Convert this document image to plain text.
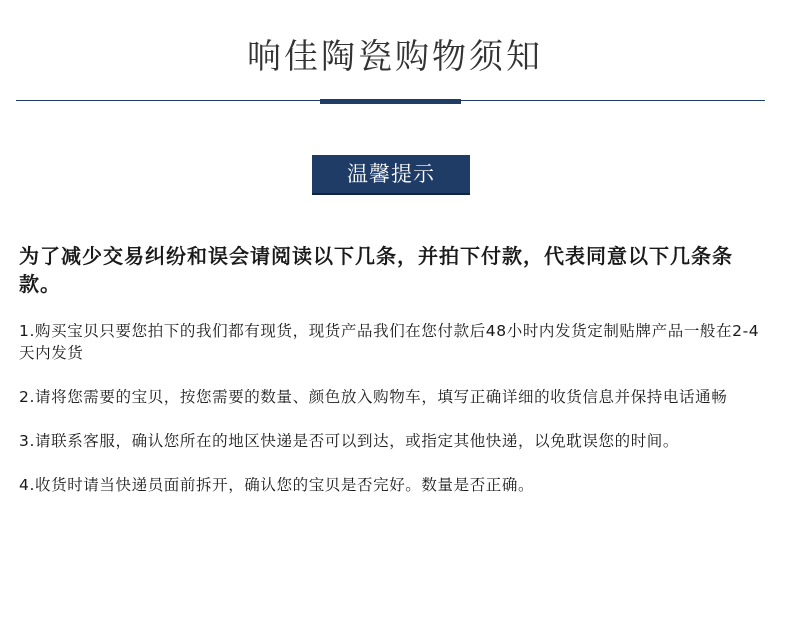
响佳陶瓷购物须知
温馨提示

为了减少交易纠纷和误会请阅读以下几条，并拍下付款，代表同意以下几条条款。

1.购买宝贝只要您拍下的我们都有现货，现货产品我们在您付款后48小时内发货定制贴牌产品一般在2-4天内发货
2.请将您需要的宝贝，按您需要的数量、颜色放入购物车，填写正确详细的收货信息并保持电话通畅
3.请联系客服，确认您所在的地区快递是否可以到达，或指定其他快递，以免耽误您的时间。
4.收货时请当快递员面前拆开，确认您的宝贝是否完好。数量是否正确。
